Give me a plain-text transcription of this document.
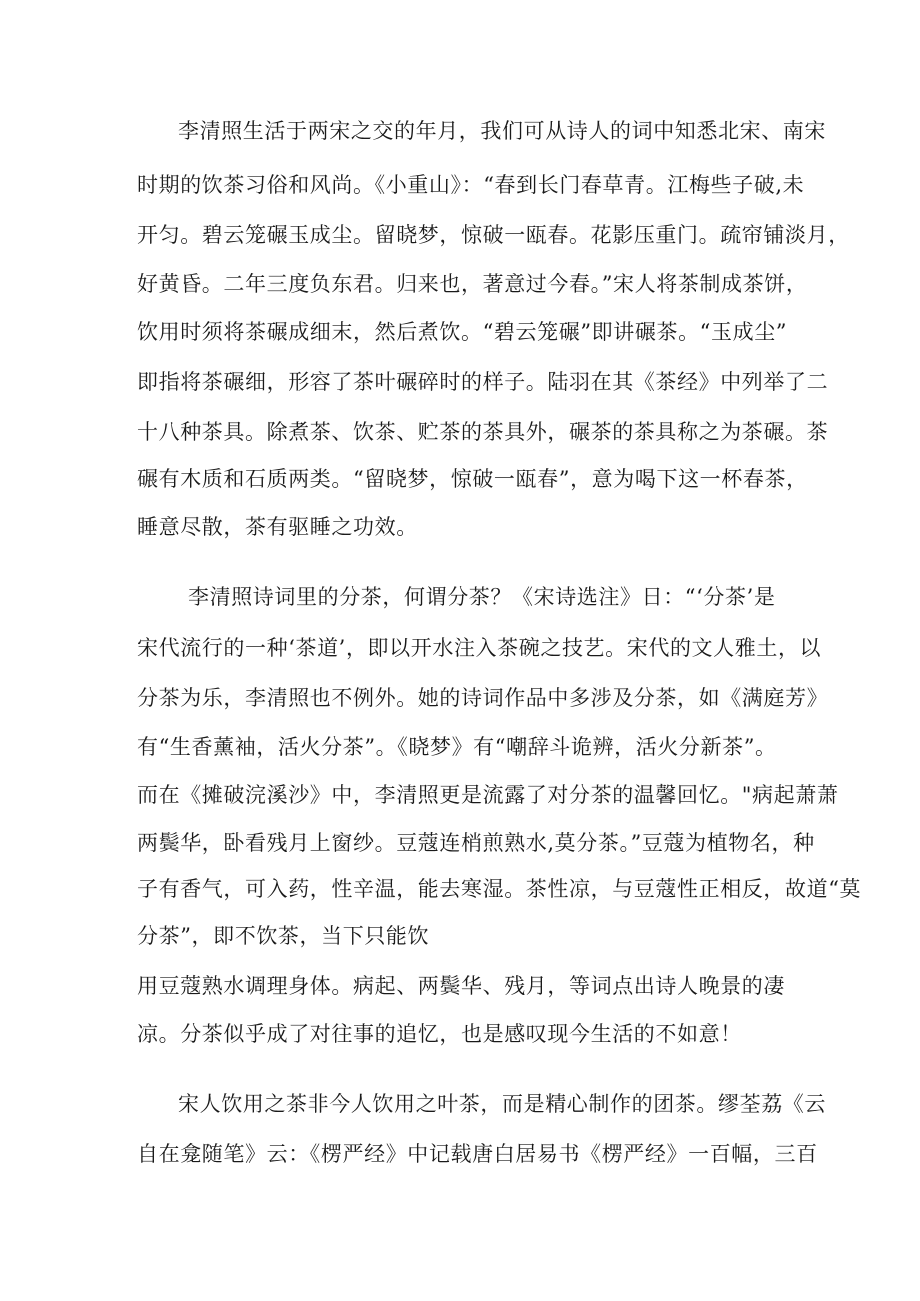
李清照生活于两宋之交的年月，我们可从诗人的词中知悉北宋、南宋
时期的饮茶习俗和风尚。《小重山》：“春到长门春草青。江梅些子破,未
开匀。碧云笼碾玉成尘。留晓梦，惊破一瓯春。花影压重门。疏帘铺淡月，
好黄昏。二年三度负东君。归来也，著意过今春。”宋人将茶制成茶饼，
饮用时须将茶碾成细末，然后煮饮。“碧云笼碾”即讲碾茶。“玉成尘”
即指将茶碾细，形容了茶叶碾碎时的样子。陆羽在其《茶经》中列举了二
十八种茶具。除煮茶、饮茶、贮茶的茶具外，碾茶的茶具称之为茶碾。茶
碾有木质和石质两类。“留晓梦，惊破一瓯春”，意为喝下这一杯春茶，
睡意尽散，茶有驱睡之功效。
李清照诗词里的分茶，何谓分茶？《宋诗选注》日：“‘分茶’是
宋代流行的一种‘茶道’，即以开水注入茶碗之技艺。宋代的文人雅土，以
分茶为乐，李清照也不例外。她的诗词作品中多涉及分茶，如《满庭芳》
有“生香薰袖，活火分茶”。《晓梦》有“嘲辞斗诡辨，活火分新茶”。
而在《摊破浣溪沙》中，李清照更是流露了对分茶的温馨回忆。"病起萧萧
两鬓华，卧看残月上窗纱。豆蔻连梢煎熟水,莫分茶。”豆蔻为植物名，种
子有香气，可入药，性辛温，能去寒湿。茶性凉，与豆蔻性正相反，故道“莫
分茶”，即不饮茶，当下只能饮
用豆蔻熟水调理身体。病起、两鬓华、残月，等词点出诗人晚景的凄
凉。分茶似乎成了对往事的追忆，也是感叹现今生活的不如意！
宋人饮用之茶非今人饮用之叶茶，而是精心制作的团茶。缪荃荔《云
自在龛随笔》云：《楞严经》中记载唐白居易书《楞严经》一百幅，三百
